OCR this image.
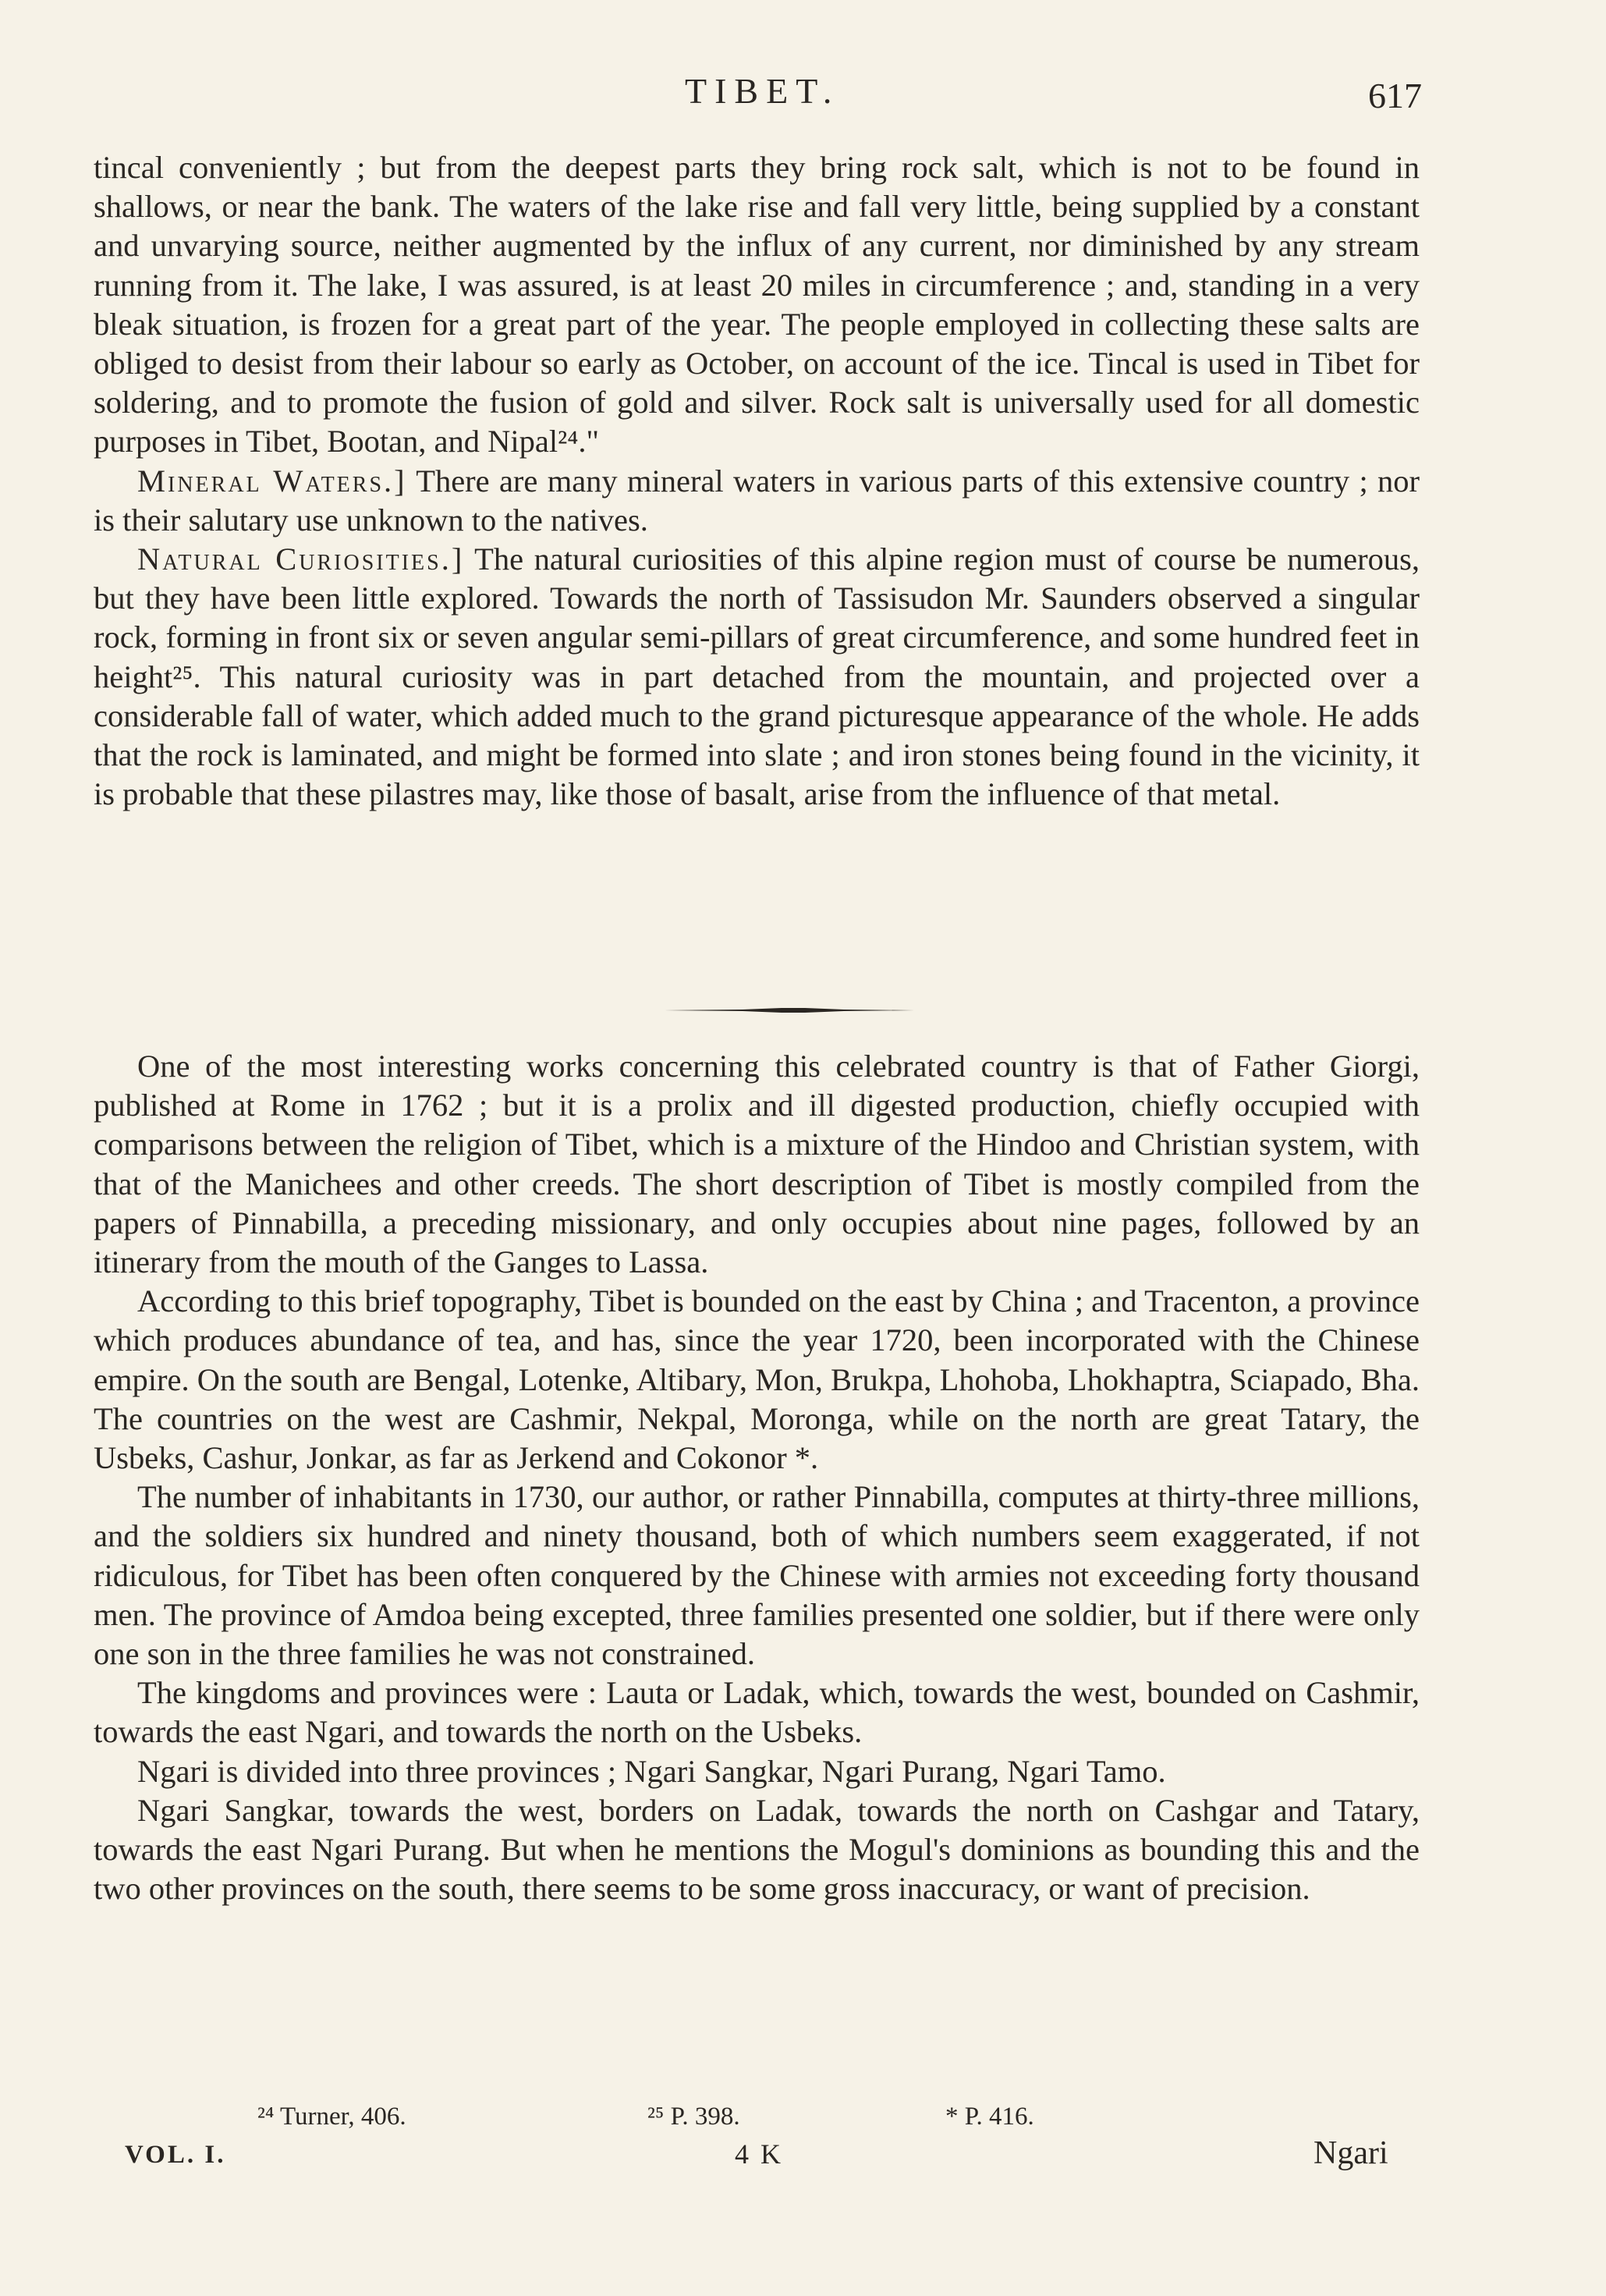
TIBET.	617

tincal conveniently ; but from the deepest parts they bring rock salt, which is not to be found in shallows, or near the bank. The waters of the lake rise and fall very little, being supplied by a constant and unvarying source, neither augmented by the influx of any current, nor diminished by any stream running from it. The lake, I was assured, is at least 20 miles in circumference ; and, standing in a very bleak situation, is frozen for a great part of the year. The people employed in collecting these salts are obliged to desist from their labour so early as October, on account of the ice. Tincal is used in Tibet for soldering, and to promote the fusion of gold and silver. Rock salt is universally used for all domestic purposes in Tibet, Bootan, and Nipal²⁴."

Mineral Waters.] There are many mineral waters in various parts of this extensive country ; nor is their salutary use unknown to the natives.

Natural Curiosities.] The natural curiosities of this alpine region must of course be numerous, but they have been little explored. Towards the north of Tassisudon Mr. Saunders observed a singular rock, forming in front six or seven angular semi-pillars of great circumference, and some hundred feet in height²⁵. This natural curiosity was in part detached from the mountain, and projected over a considerable fall of water, which added much to the grand picturesque appearance of the whole. He adds that the rock is laminated, and might be formed into slate ; and iron stones being found in the vicinity, it is probable that these pilastres may, like those of basalt, arise from the influence of that metal.

One of the most interesting works concerning this celebrated country is that of Father Giorgi, published at Rome in 1762 ; but it is a prolix and ill digested production, chiefly occupied with comparisons between the religion of Tibet, which is a mixture of the Hindoo and Christian system, with that of the Manichees and other creeds. The short description of Tibet is mostly compiled from the papers of Pinnabilla, a preceding missionary, and only occupies about nine pages, followed by an itinerary from the mouth of the Ganges to Lassa.

According to this brief topography, Tibet is bounded on the east by China ; and Tracenton, a province which produces abundance of tea, and has, since the year 1720, been incorporated with the Chinese empire. On the south are Bengal, Lotenke, Altibary, Mon, Brukpa, Lhohoba, Lhokhaptra, Sciapado, Bha. The countries on the west are Cashmir, Nekpal, Moronga, while on the north are great Tatary, the Usbeks, Cashur, Jonkar, as far as Jerkend and Cokonor *.

The number of inhabitants in 1730, our author, or rather Pinnabilla, computes at thirty-three millions, and the soldiers six hundred and ninety thousand, both of which numbers seem exaggerated, if not ridiculous, for Tibet has been often conquered by the Chinese with armies not exceeding forty thousand men. The province of Amdoa being excepted, three families presented one soldier, but if there were only one son in the three families he was not constrained.

The kingdoms and provinces were : Lauta or Ladak, which, towards the west, bounded on Cashmir, towards the east Ngari, and towards the north on the Usbeks.

Ngari is divided into three provinces ; Ngari Sangkar, Ngari Purang, Ngari Tamo.

Ngari Sangkar, towards the west, borders on Ladak, towards the north on Cashgar and Tatary, towards the east Ngari Purang. But when he mentions the Mogul's dominions as bounding this and the two other provinces on the south, there seems to be some gross inaccuracy, or want of precision.

²⁴ Turner, 406.	²⁵ P. 398.	* P. 416.
VOL. I.	4 K	Ngari
